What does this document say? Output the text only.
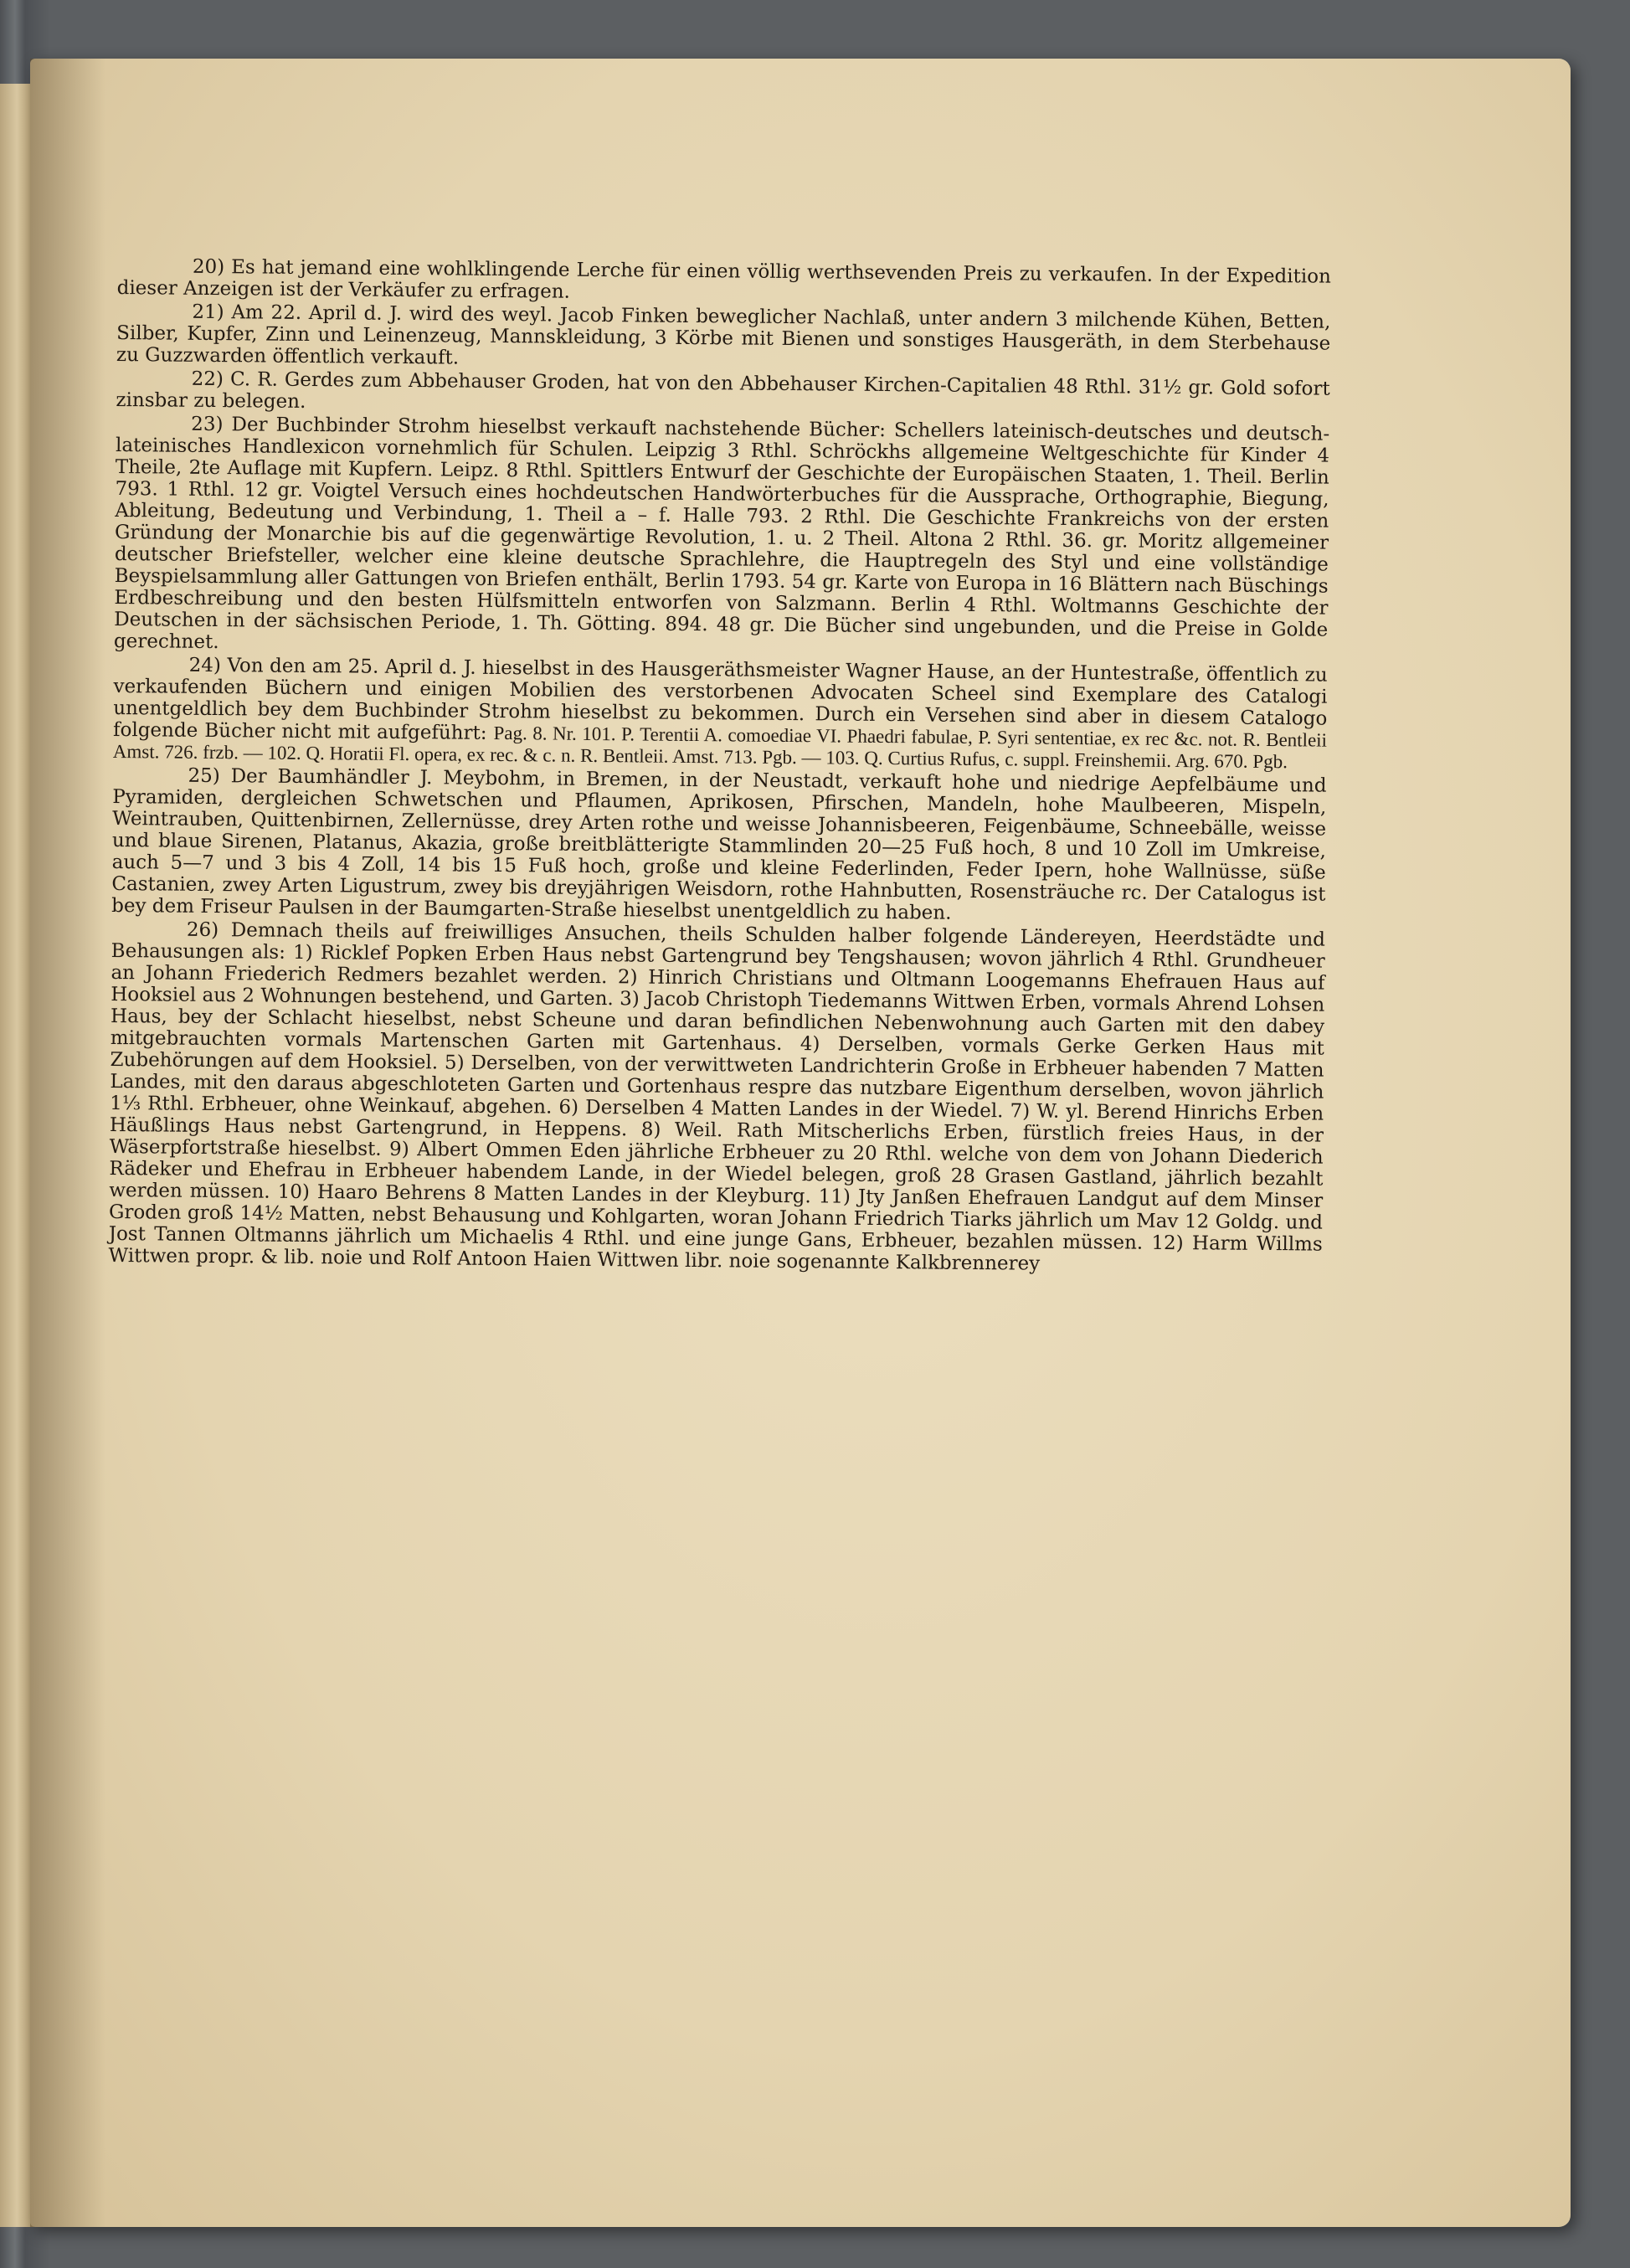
20) Es hat jemand eine wohlklingende Lerche für einen völlig werthsevenden Preis zu verkaufen. In der Expedition dieser Anzeigen ist der Verkäufer zu erfragen.

21) Am 22. April d. J. wird des weyl. Jacob Finken beweglicher Nachlaß, unter andern 3 milchende Kühen, Betten, Silber, Kupfer, Zinn und Leinenzeug, Mannskleidung, 3 Körbe mit Bienen und sonstiges Hausgeräth, in dem Sterbehause zu Guzzwarden öffentlich verkauft.

22) C. R. Gerdes zum Abbehauser Groden, hat von den Abbehauser Kirchen-Capitalien 48 Rthl. 31½ gr. Gold sofort zinsbar zu belegen.

23) Der Buchbinder Strohm hieselbst verkauft nachstehende Bücher: Schellers lateinisch-deutsches und deutsch-lateinisches Handlexicon vornehmlich für Schulen. Leipzig 3 Rthl. Schröckhs allgemeine Weltgeschichte für Kinder 4 Theile, 2te Auflage mit Kupfern. Leipz. 8 Rthl. Spittlers Entwurf der Geschichte der Europäischen Staaten, 1. Theil. Berlin 793. 1 Rthl. 12 gr. Voigtel Versuch eines hochdeutschen Handwörterbuches für die Aussprache, Orthographie, Biegung, Ableitung, Bedeutung und Verbindung, 1. Theil a – f. Halle 793. 2 Rthl. Die Geschichte Frankreichs von der ersten Gründung der Monarchie bis auf die gegenwärtige Revolution, 1. u. 2 Theil. Altona 2 Rthl. 36. gr. Moritz allgemeiner deutscher Briefsteller, welcher eine kleine deutsche Sprachlehre, die Hauptregeln des Styl und eine vollständige Beyspielsammlung aller Gattungen von Briefen enthält, Berlin 1793. 54 gr. Karte von Europa in 16 Blättern nach Büschings Erdbeschreibung und den besten Hülfsmitteln entworfen von Salzmann. Berlin 4 Rthl. Woltmanns Geschichte der Deutschen in der sächsischen Periode, 1. Th. Götting. 894. 48 gr. Die Bücher sind ungebunden, und die Preise in Golde gerechnet.

24) Von den am 25. April d. J. hieselbst in des Hausgeräthsmeister Wagner Hause, an der Huntestraße, öffentlich zu verkaufenden Büchern und einigen Mobilien des verstorbenen Advocaten Scheel sind Exemplare des Catalogi unentgeldlich bey dem Buchbinder Strohm hieselbst zu bekommen. Durch ein Versehen sind aber in diesem Catalogo folgende Bücher nicht mit aufgeführt: Pag. 8. Nr. 101. P. Terentii A. comoediae VI. Phaedri fabulae, P. Syri sententiae, ex rec &c. not. R. Bentleii Amst. 726. frzb. — 102. Q. Horatii Fl. opera, ex rec. & c. n. R. Bentleii. Amst. 713. Pgb. — 103. Q. Curtius Rufus, c. suppl. Freinshemii. Arg. 670. Pgb.

25) Der Baumhändler J. Meybohm, in Bremen, in der Neustadt, verkauft hohe und niedrige Aepfelbäume und Pyramiden, dergleichen Schwetschen und Pflaumen, Aprikosen, Pfirschen, Mandeln, hohe Maulbeeren, Mispeln, Weintrauben, Quittenbirnen, Zellernüsse, drey Arten rothe und weisse Johannisbeeren, Feigenbäume, Schneebälle, weisse und blaue Sirenen, Platanus, Akazia, große breitblätterigte Stammlinden 20—25 Fuß hoch, 8 und 10 Zoll im Umkreise, auch 5—7 und 3 bis 4 Zoll, 14 bis 15 Fuß hoch, große und kleine Federlinden, Feder Ipern, hohe Wallnüsse, süße Castanien, zwey Arten Ligustrum, zwey bis dreyjährigen Weisdorn, rothe Hahnbutten, Rosensträuche rc. Der Catalogus ist bey dem Friseur Paulsen in der Baumgarten-Straße hieselbst unentgeldlich zu haben.

26) Demnach theils auf freiwilliges Ansuchen, theils Schulden halber folgende Ländereyen, Heerdstädte und Behausungen als: 1) Ricklef Popken Erben Haus nebst Gartengrund bey Tengshausen; wovon jährlich 4 Rthl. Grundheuer an Johann Friederich Redmers bezahlet werden. 2) Hinrich Christians und Oltmann Loogemanns Ehefrauen Haus auf Hooksiel aus 2 Wohnungen bestehend, und Garten. 3) Jacob Christoph Tiedemanns Wittwen Erben, vormals Ahrend Lohsen Haus, bey der Schlacht hieselbst, nebst Scheune und daran befindlichen Nebenwohnung auch Garten mit den dabey mitgebrauchten vormals Martenschen Garten mit Gartenhaus. 4) Derselben, vormals Gerke Gerken Haus mit Zubehörungen auf dem Hooksiel. 5) Derselben, von der verwittweten Landrichterin Große in Erbheuer habenden 7 Matten Landes, mit den daraus abgeschloteten Garten und Gortenhaus respre das nutzbare Eigenthum derselben, wovon jährlich 1⅓ Rthl. Erbheuer, ohne Weinkauf, abgehen. 6) Derselben 4 Matten Landes in der Wiedel. 7) W. yl. Berend Hinrichs Erben Häußlings Haus nebst Gartengrund, in Heppens. 8) Weil. Rath Mitscherlichs Erben, fürstlich freies Haus, in der Wäserpfortstraße hieselbst. 9) Albert Ommen Eden jährliche Erbheuer zu 20 Rthl. welche von dem von Johann Diederich Rädeker und Ehefrau in Erbheuer habendem Lande, in der Wiedel belegen, groß 28 Grasen Gastland, jährlich bezahlt werden müssen. 10) Haaro Behrens 8 Matten Landes in der Kleyburg. 11) Jty Janßen Ehefrauen Landgut auf dem Minser Groden groß 14½ Matten, nebst Behausung und Kohlgarten, woran Johann Friedrich Tiarks jährlich um Mav 12 Goldg. und Jost Tannen Oltmanns jährlich um Michaelis 4 Rthl. und eine junge Gans, Erbheuer, bezahlen müssen. 12) Harm Willms Wittwen propr. & lib. noie und Rolf Antoon Haien Wittwen libr. noie sogenannte Kalkbrennerey
